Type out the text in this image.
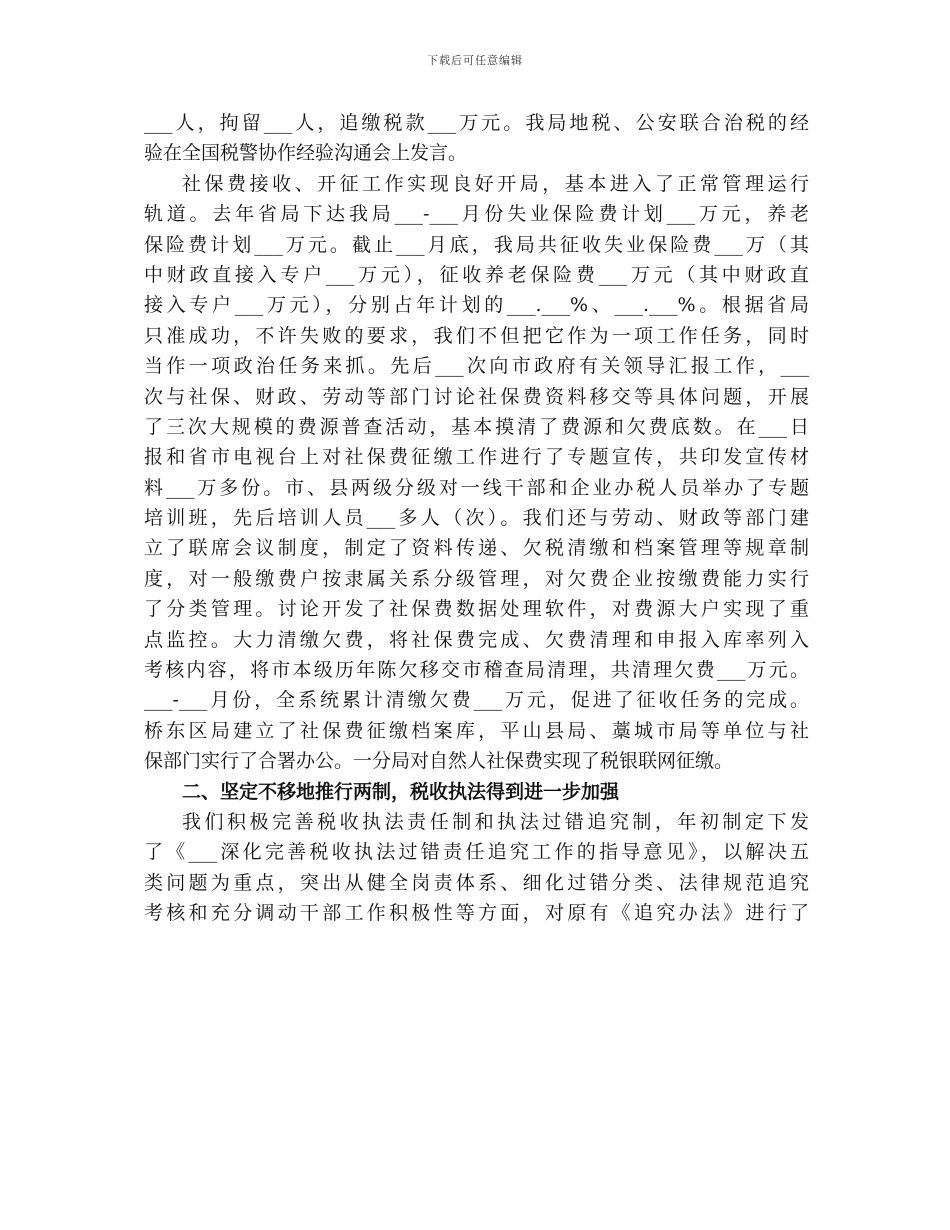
下载后可任意编辑
___人，拘留___人，追缴税款___万元。我局地税、公安联合治税的经
验在全国税警协作经验沟通会上发言。
社保费接收、开征工作实现良好开局，基本进入了正常管理运行
轨道。去年省局下达我局___-___月份失业保险费计划___万元，养老
保险费计划___万元。截止___月底，我局共征收失业保险费___万（其
中财政直接入专户___万元），征收养老保险费___万元（其中财政直
接入专户___万元），分别占年计划的___.___%、___.___%。根据省局
只准成功，不许失败的要求，我们不但把它作为一项工作任务，同时
当作一项政治任务来抓。先后___次向市政府有关领导汇报工作，___
次与社保、财政、劳动等部门讨论社保费资料移交等具体问题，开展
了三次大规模的费源普查活动，基本摸清了费源和欠费底数。在___日
报和省市电视台上对社保费征缴工作进行了专题宣传，共印发宣传材
料___万多份。市、县两级分级对一线干部和企业办税人员举办了专题
培训班，先后培训人员___多人（次）。我们还与劳动、财政等部门建
立了联席会议制度，制定了资料传递、欠税清缴和档案管理等规章制
度，对一般缴费户按隶属关系分级管理，对欠费企业按缴费能力实行
了分类管理。讨论开发了社保费数据处理软件，对费源大户实现了重
点监控。大力清缴欠费，将社保费完成、欠费清理和申报入库率列入
考核内容，将市本级历年陈欠移交市稽查局清理，共清理欠费___万元。
___-___月份，全系统累计清缴欠费___万元，促进了征收任务的完成。
桥东区局建立了社保费征缴档案库，平山县局、藁城市局等单位与社
保部门实行了合署办公。一分局对自然人社保费实现了税银联网征缴。
二、坚定不移地推行两制，税收执法得到进一步加强
我们积极完善税收执法责任制和执法过错追究制，年初制定下发
了《___深化完善税收执法过错责任追究工作的指导意见》，以解决五
类问题为重点，突出从健全岗责体系、细化过错分类、法律规范追究
考核和充分调动干部工作积极性等方面，对原有《追究办法》进行了
